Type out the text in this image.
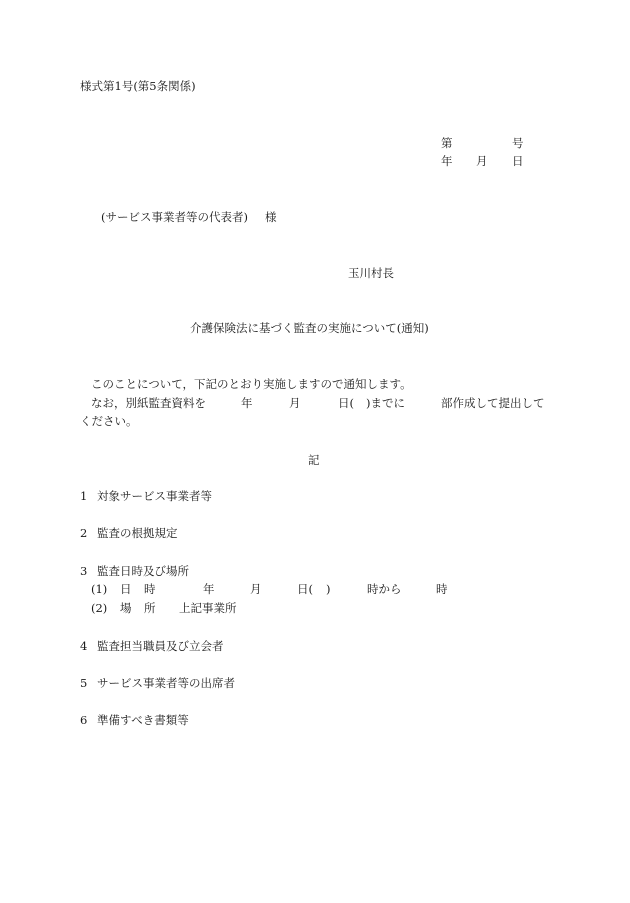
様式第1号(第5条関係)
第	号
年 月 日
(サービス事業者等の代表者) 様
玉川村長
介護保険法に基づく監査の実施について(通知)
このことについて，下記のとおり実施しますので通知します。
なお，別紙監査資料を	年	月	日( )までに	部作成して提出して
ください。
記
1 対象サービス事業者等
2 監査の根拠規定
3 監査日時及び場所
(1) 日 時	年	月	日( )	時から	時
(2) 場 所 上記事業所
4 監査担当職員及び立会者
5 サービス事業者等の出席者
6 準備すべき書類等
